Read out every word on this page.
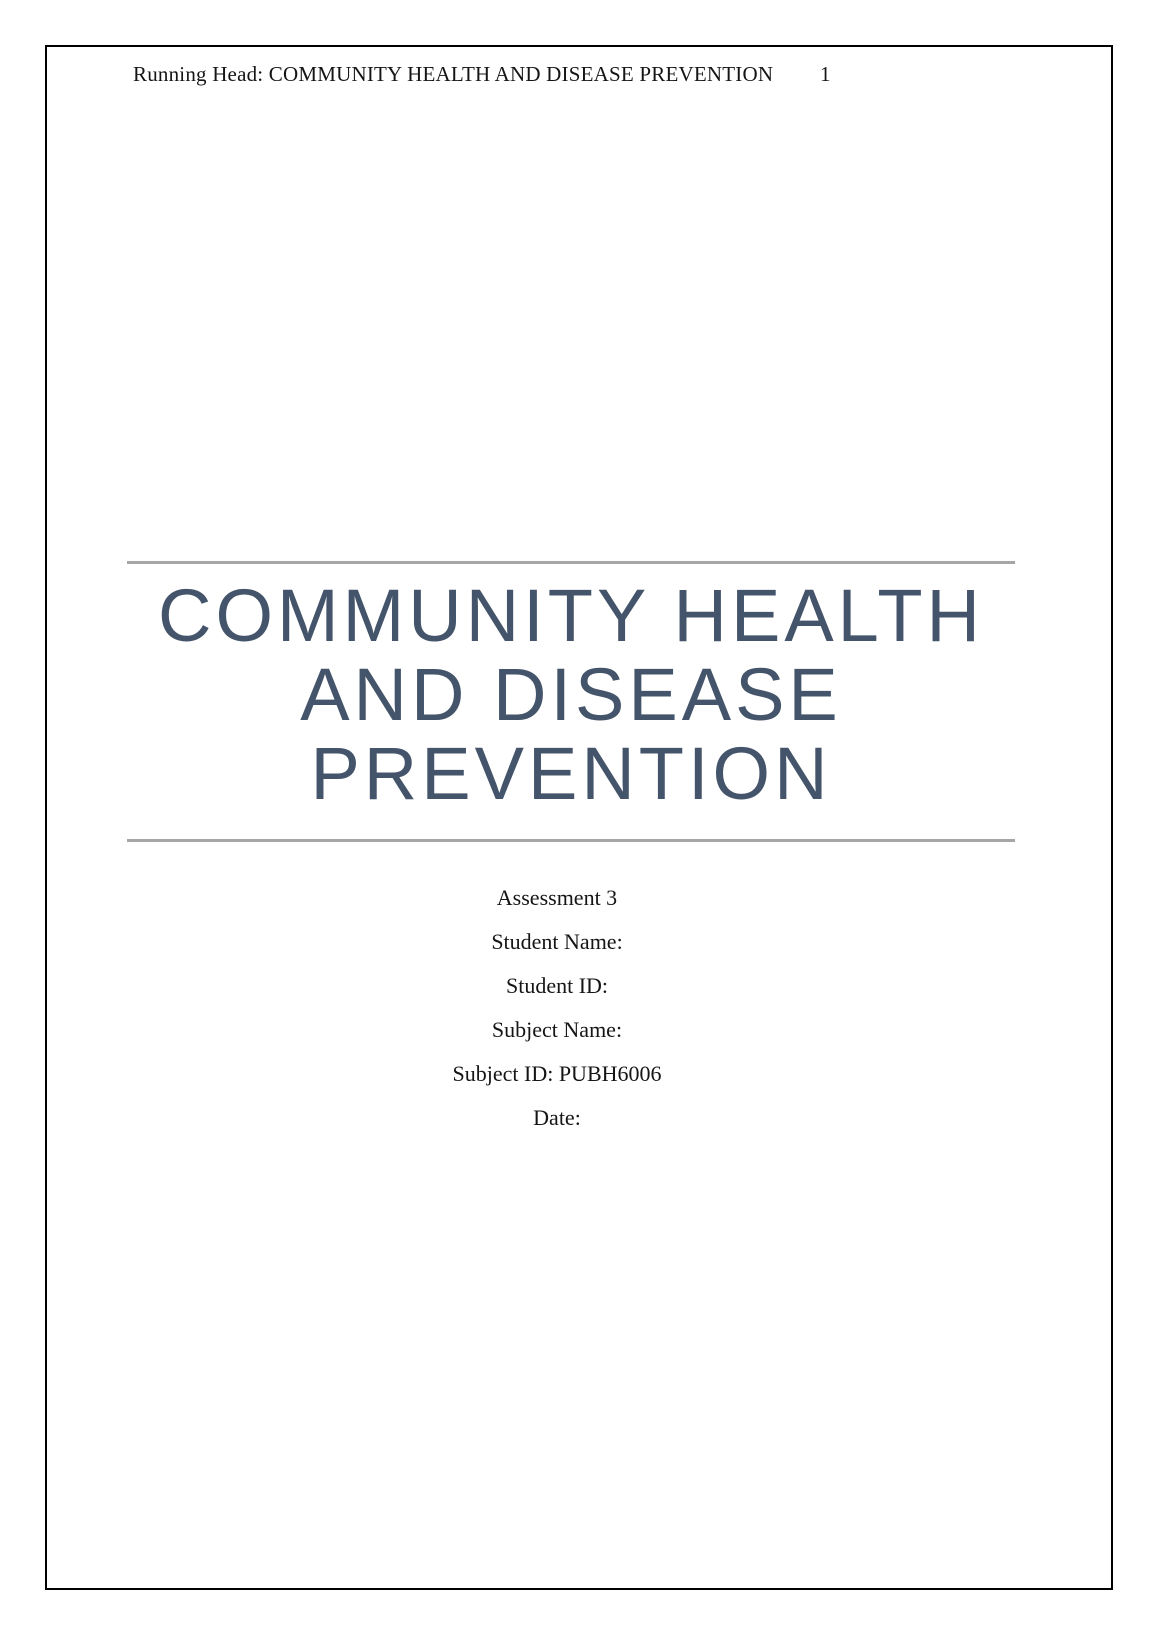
Running Head: COMMUNITY HEALTH AND DISEASE PREVENTION 1
COMMUNITY HEALTH
AND DISEASE
PREVENTION
Assessment 3
Student Name:
Student ID:
Subject Name:
Subject ID: PUBH6006
Date:
